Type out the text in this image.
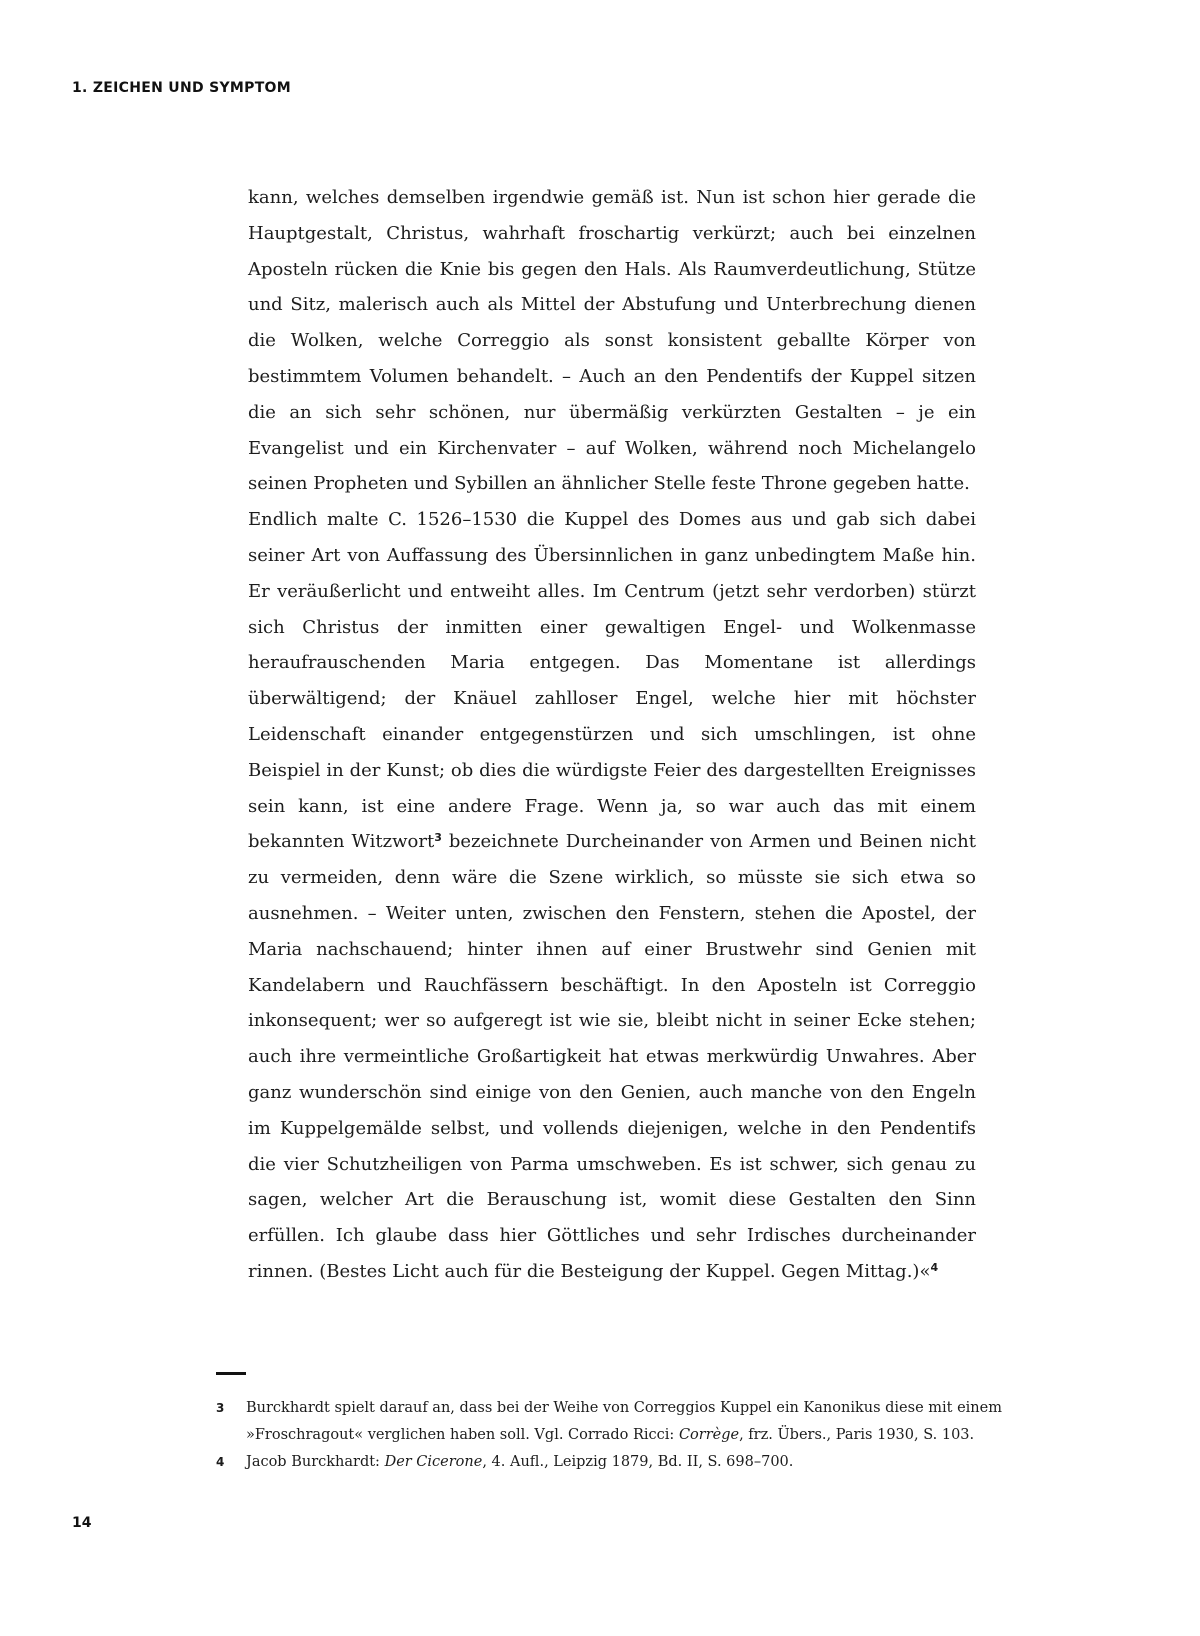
1. ZEICHEN UND SYMPTOM

kann, welches demselben irgendwie gemäß ist. Nun ist schon hier gerade die Hauptgestalt, Christus, wahrhaft froschartig verkürzt; auch bei einzelnen Aposteln rücken die Knie bis gegen den Hals. Als Raumverdeutlichung, Stütze und Sitz, malerisch auch als Mittel der Abstufung und Unterbrechung dienen die Wolken, welche Correggio als sonst konsistent geballte Körper von bestimmtem Volumen behandelt. – Auch an den Pendentifs der Kuppel sitzen die an sich sehr schönen, nur übermäßig verkürzten Gestalten – je ein Evangelist und ein Kirchenvater – auf Wolken, während noch Michelangelo seinen Propheten und Sybillen an ähnlicher Stelle feste Throne gegeben hatte.

Endlich malte C. 1526–1530 die Kuppel des Domes aus und gab sich dabei seiner Art von Auffassung des Übersinnlichen in ganz unbedingtem Maße hin. Er veräußerlicht und entweiht alles. Im Centrum (jetzt sehr verdorben) stürzt sich Christus der inmitten einer gewaltigen Engel- und Wolkenmasse heraufrauschenden Maria entgegen. Das Momentane ist allerdings überwältigend; der Knäuel zahlloser Engel, welche hier mit höchster Leidenschaft einander entgegenstürzen und sich umschlingen, ist ohne Beispiel in der Kunst; ob dies die würdigste Feier des dargestellten Ereignisses sein kann, ist eine andere Frage. Wenn ja, so war auch das mit einem bekannten Witzwort$^3$ bezeichnete Durcheinander von Armen und Beinen nicht zu vermeiden, denn wäre die Szene wirklich, so müsste sie sich etwa so ausnehmen. – Weiter unten, zwischen den Fenstern, stehen die Apostel, der Maria nachschauend; hinter ihnen auf einer Brustwehr sind Genien mit Kandelabern und Rauchfässern beschäftigt. In den Aposteln ist Correggio inkonsequent; wer so aufgeregt ist wie sie, bleibt nicht in seiner Ecke stehen; auch ihre vermeintliche Großartigkeit hat etwas merkwürdig Unwahres. Aber ganz wunderschön sind einige von den Genien, auch manche von den Engeln im Kuppelgemälde selbst, und vollends diejenigen, welche in den Pendentifs die vier Schutzheiligen von Parma umschweben. Es ist schwer, sich genau zu sagen, welcher Art die Berauschung ist, womit diese Gestalten den Sinn erfüllen. Ich glaube dass hier Göttliches und sehr Irdisches durcheinander rinnen. (Bestes Licht auch für die Besteigung der Kuppel. Gegen Mittag.)«$^4$

3 Burckhardt spielt darauf an, dass bei der Weihe von Correggios Kuppel ein Kanonikus diese mit einem »Froschragout« verglichen haben soll. Vgl. Corrado Ricci: Corrège, frz. Übers., Paris 1930, S. 103.

4 Jacob Burckhardt: Der Cicerone, 4. Aufl., Leipzig 1879, Bd. II, S. 698–700.

14
